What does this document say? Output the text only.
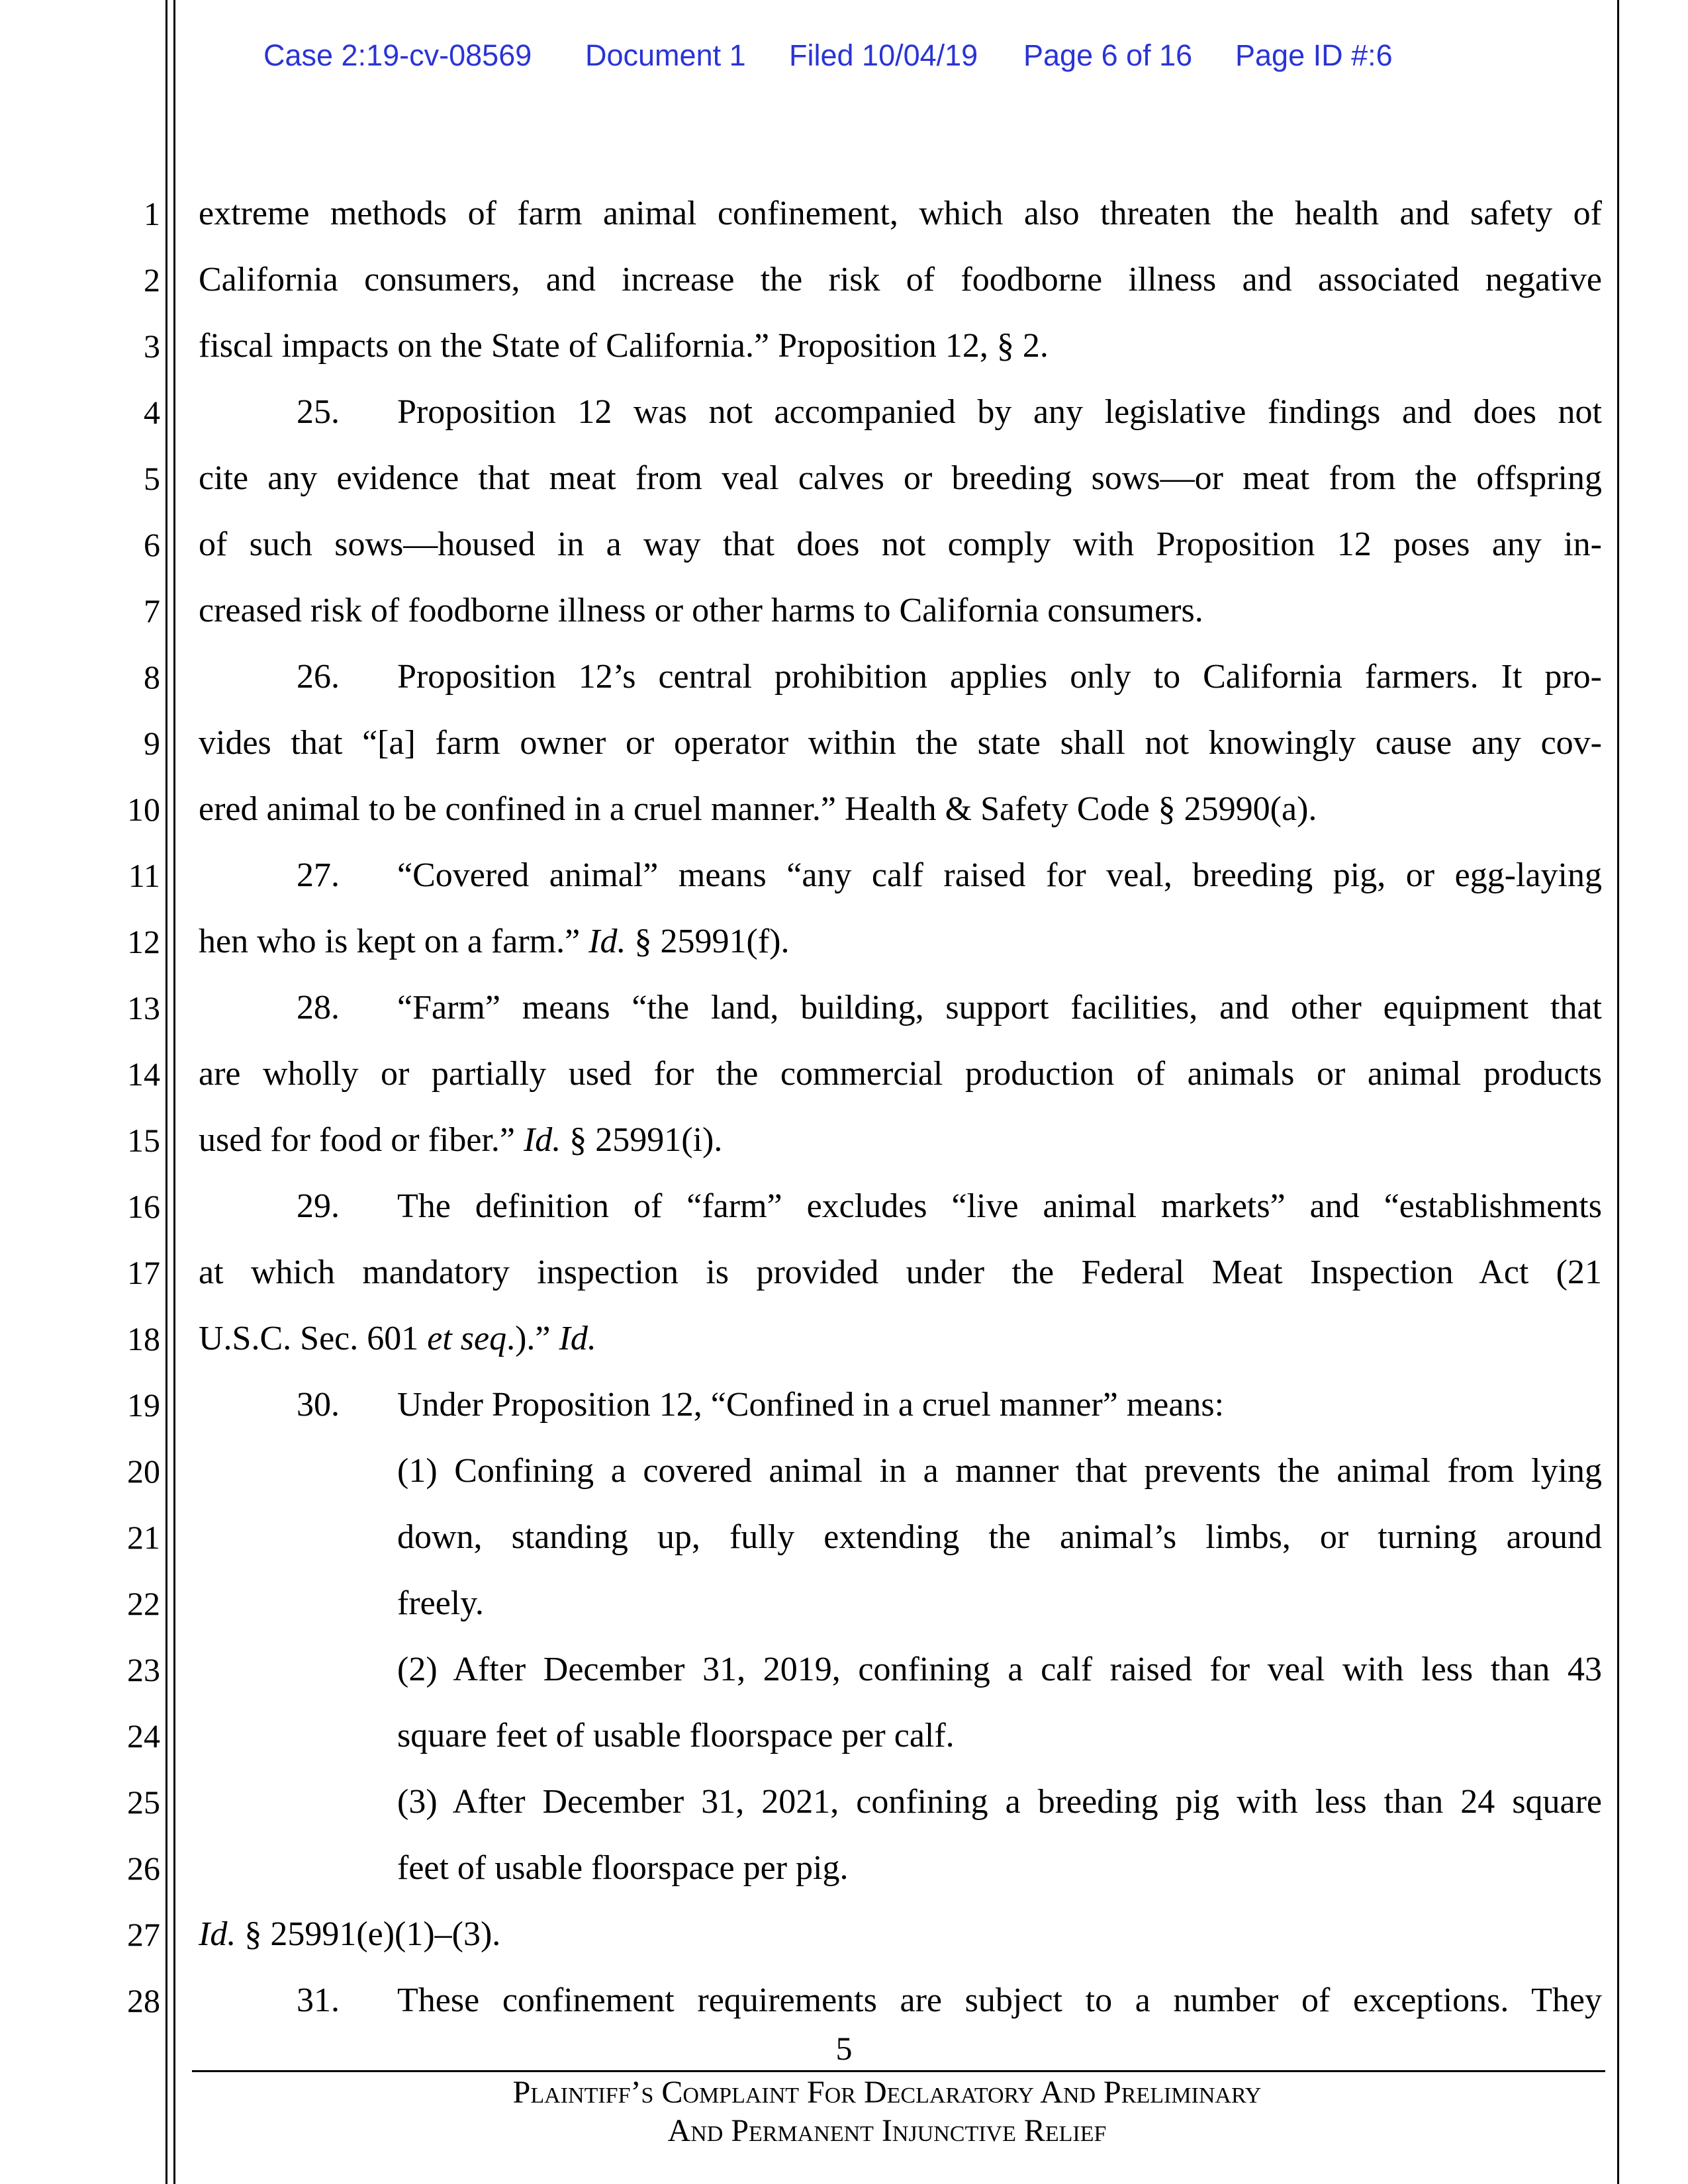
Case 2:19-cv-08569 Document 1 Filed 10/04/19 Page 6 of 16 Page ID #:6
1
2
3
4
5
6
7
8
9
10
11
12
13
14
15
16
17
18
19
20
21
22
23
24
25
26
27
28
extreme methods of farm animal confinement, which also threaten the health and safety of
California consumers, and increase the risk of foodborne illness and associated negative
fiscal impacts on the State of California.” Proposition 12, § 2.
25. Proposition 12 was not accompanied by any legislative findings and does not
cite any evidence that meat from veal calves or breeding sows—or meat from the offspring
of such sows—housed in a way that does not comply with Proposition 12 poses any in-
creased risk of foodborne illness or other harms to California consumers.
26. Proposition 12’s central prohibition applies only to California farmers. It pro-
vides that “[a] farm owner or operator within the state shall not knowingly cause any cov-
ered animal to be confined in a cruel manner.” Health & Safety Code § 25990(a).
27. “Covered animal” means “any calf raised for veal, breeding pig, or egg-laying
hen who is kept on a farm.” Id. § 25991(f).
28. “Farm” means “the land, building, support facilities, and other equipment that
are wholly or partially used for the commercial production of animals or animal products
used for food or fiber.” Id. § 25991(i).
29. The definition of “farm” excludes “live animal markets” and “establishments
at which mandatory inspection is provided under the Federal Meat Inspection Act (21
U.S.C. Sec. 601 et seq.).” Id.
30. Under Proposition 12, “Confined in a cruel manner” means:
(1) Confining a covered animal in a manner that prevents the animal from lying
down, standing up, fully extending the animal’s limbs, or turning around
freely.
(2) After December 31, 2019, confining a calf raised for veal with less than 43
square feet of usable floorspace per calf.
(3) After December 31, 2021, confining a breeding pig with less than 24 square
feet of usable floorspace per pig.
Id. § 25991(e)(1)–(3).
31. These confinement requirements are subject to a number of exceptions. They
5
Plaintiff’s Complaint For Declaratory And Preliminary
And Permanent Injunctive Relief
